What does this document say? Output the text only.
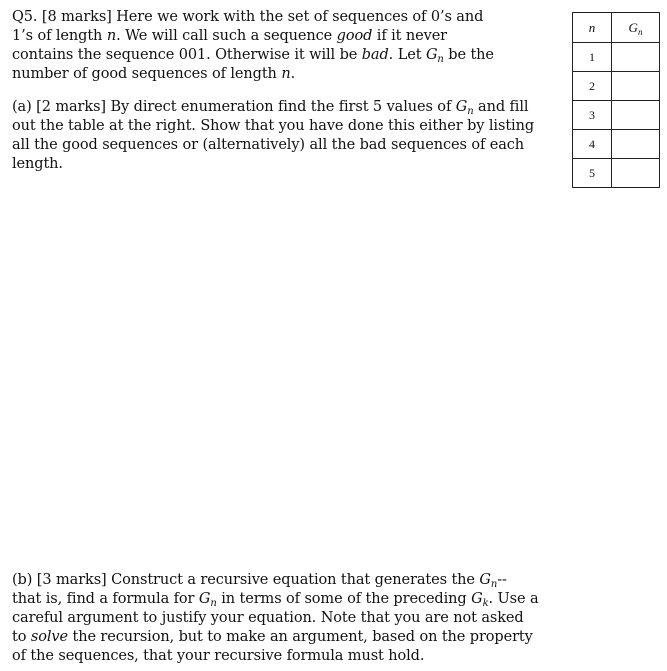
Q5. [8 marks] Here we work with the set of sequences of 0’s and
1’s of length n. We will call such a sequence good if it never
contains the sequence 001. Otherwise it will be bad. Let $G_n$ be the
number of good sequences of length n.
(a) [2 marks] By direct enumeration find the first 5 values of $G_n$ and fill
out the table at the right. Show that you have done this either by listing
all the good sequences or (alternatively) all the bad sequences of each
length.
(b) [3 marks] Construct a recursive equation that generates the $G_n--$
that is, find a formula for $G_n$ in terms of some of the preceding $G_k$. Use a
careful argument to justify your equation. Note that you are not asked
to solve the recursion, but to make an argument, based on the property
of the sequences, that your recursive formula must hold.
n	$G_n$
1	
2	
3	
4	
5	
